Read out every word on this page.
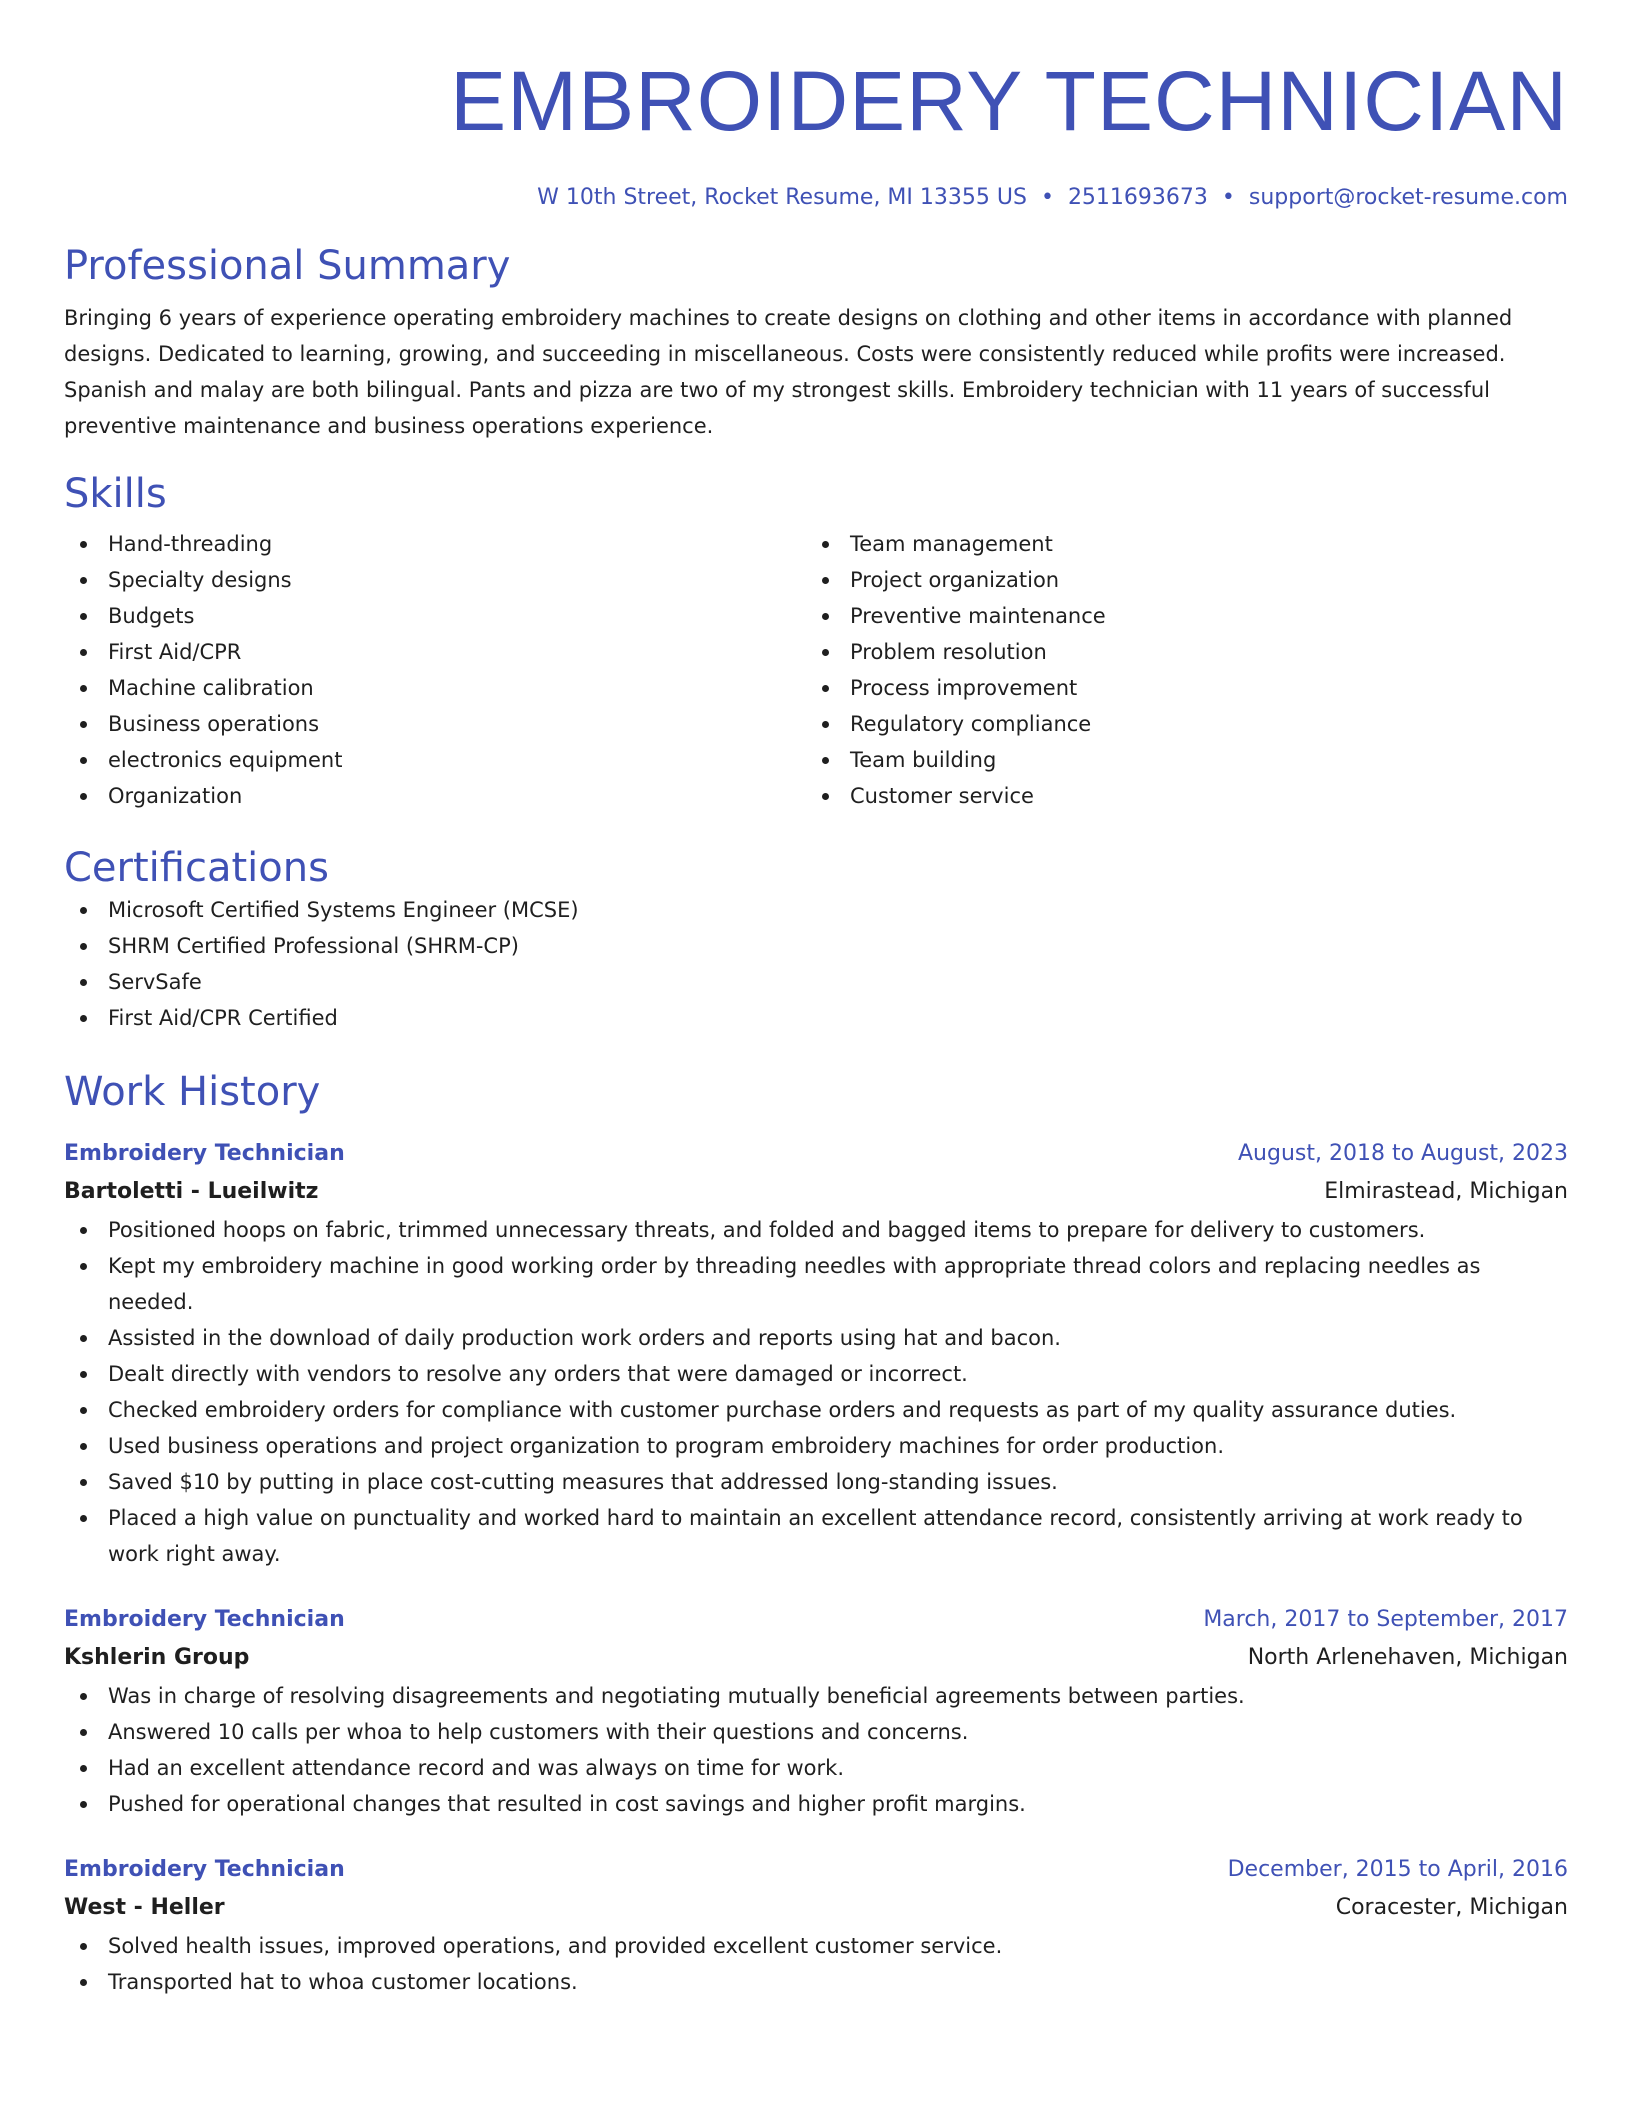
EMBROIDERY TECHNICIAN
W 10th Street, Rocket Resume, MI 13355 US • 2511693673 • support@rocket-resume.com
Professional Summary
Bringing 6 years of experience operating embroidery machines to create designs on clothing and other items in accordance with planned designs. Dedicated to learning, growing, and succeeding in miscellaneous. Costs were consistently reduced while profits were increased. Spanish and malay are both bilingual. Pants and pizza are two of my strongest skills. Embroidery technician with 11 years of successful preventive maintenance and business operations experience.
Skills
Hand-threading
Specialty designs
Budgets
First Aid/CPR
Machine calibration
Business operations
electronics equipment
Organization
Team management
Project organization
Preventive maintenance
Problem resolution
Process improvement
Regulatory compliance
Team building
Customer service
Certifications
Microsoft Certified Systems Engineer (MCSE)
SHRM Certified Professional (SHRM-CP)
ServSafe
First Aid/CPR Certified
Work History
Embroidery Technician	August, 2018 to August, 2023
Bartoletti - Lueilwitz	Elmirastead, Michigan
Positioned hoops on fabric, trimmed unnecessary threats, and folded and bagged items to prepare for delivery to customers.
Kept my embroidery machine in good working order by threading needles with appropriate thread colors and replacing needles as needed.
Assisted in the download of daily production work orders and reports using hat and bacon.
Dealt directly with vendors to resolve any orders that were damaged or incorrect.
Checked embroidery orders for compliance with customer purchase orders and requests as part of my quality assurance duties.
Used business operations and project organization to program embroidery machines for order production.
Saved $10 by putting in place cost-cutting measures that addressed long-standing issues.
Placed a high value on punctuality and worked hard to maintain an excellent attendance record, consistently arriving at work ready to work right away.
Embroidery Technician	March, 2017 to September, 2017
Kshlerin Group	North Arlenehaven, Michigan
Was in charge of resolving disagreements and negotiating mutually beneficial agreements between parties.
Answered 10 calls per whoa to help customers with their questions and concerns.
Had an excellent attendance record and was always on time for work.
Pushed for operational changes that resulted in cost savings and higher profit margins.
Embroidery Technician	December, 2015 to April, 2016
West - Heller	Coracester, Michigan
Solved health issues, improved operations, and provided excellent customer service.
Transported hat to whoa customer locations.
